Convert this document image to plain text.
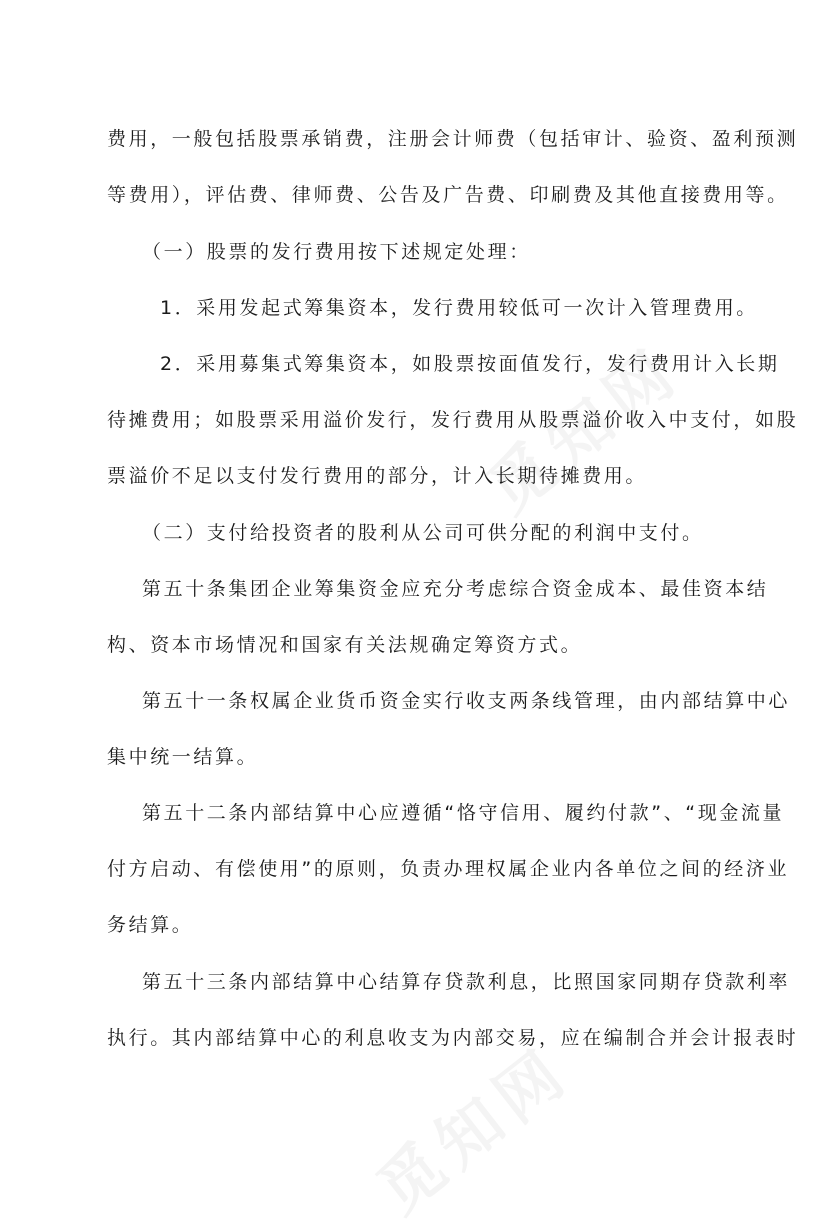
费用，一般包括股票承销费，注册会计师费（包括审计、验资、盈利预测
等费用），评估费、律师费、公告及广告费、印刷费及其他直接费用等。
（一）股票的发行费用按下述规定处理：
1．采用发起式筹集资本，发行费用较低可一次计入管理费用。
2．采用募集式筹集资本，如股票按面值发行，发行费用计入长期
待摊费用；如股票采用溢价发行，发行费用从股票溢价收入中支付，如股
票溢价不足以支付发行费用的部分，计入长期待摊费用。
（二）支付给投资者的股利从公司可供分配的利润中支付。
第五十条集团企业筹集资金应充分考虑综合资金成本、最佳资本结
构、资本市场情况和国家有关法规确定筹资方式。
第五十一条权属企业货币资金实行收支两条线管理，由内部结算中心
集中统一结算。
第五十二条内部结算中心应遵循“恪守信用、履约付款”、“现金流量
付方启动、有偿使用”的原则，负责办理权属企业内各单位之间的经济业
务结算。
第五十三条内部结算中心结算存贷款利息，比照国家同期存贷款利率
执行。其内部结算中心的利息收支为内部交易，应在编制合并会计报表时
